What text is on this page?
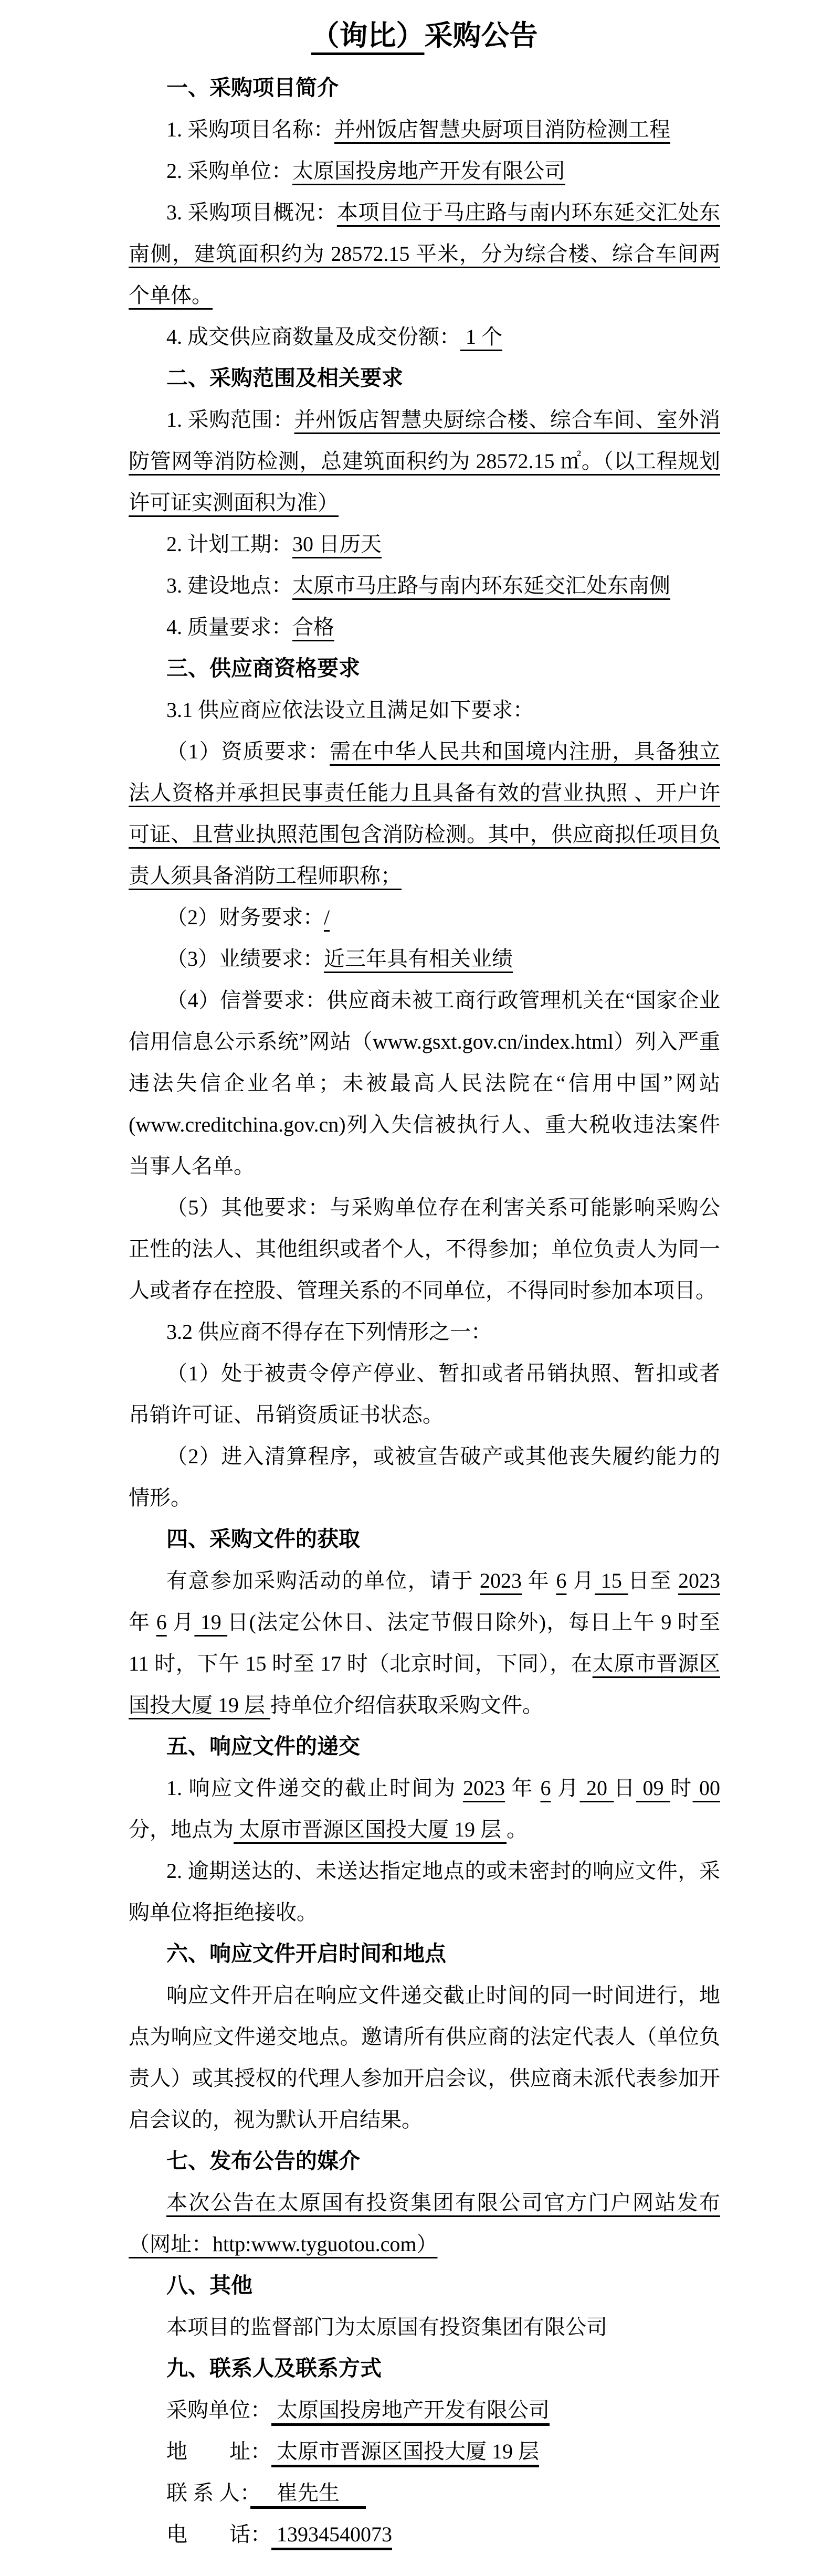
（询比）采购公告
一、采购项目简介
1. 采购项目名称：并州饭店智慧央厨项目消防检测工程
2. 采购单位：太原国投房地产开发有限公司
3. 采购项目概况：本项目位于马庄路与南内环东延交汇处东南侧，建筑面积约为 28572.15 平米，分为综合楼、综合车间两个单体。
4. 成交供应商数量及成交份额： 1 个
二、采购范围及相关要求
1. 采购范围：并州饭店智慧央厨综合楼、综合车间、室外消防管网等消防检测，总建筑面积约为 28572.15 ㎡。（以工程规划许可证实测面积为准）
2. 计划工期：30 日历天
3. 建设地点：太原市马庄路与南内环东延交汇处东南侧
4. 质量要求：合格
三、供应商资格要求
3.1 供应商应依法设立且满足如下要求：
（1）资质要求：需在中华人民共和国境内注册，具备独立法人资格并承担民事责任能力且具备有效的营业执照 、开户许可证、且营业执照范围包含消防检测。其中，供应商拟任项目负责人须具备消防工程师职称；
（2）财务要求：/
（3）业绩要求：近三年具有相关业绩
（4）信誉要求：供应商未被工商行政管理机关在“国家企业信用信息公示系统”网站（www.gsxt.gov.cn/index.html）列入严重违法失信企业名单；未被最高人民法院在“信用中国”网站(www.creditchina.gov.cn)列入失信被执行人、重大税收违法案件当事人名单。
（5）其他要求：与采购单位存在利害关系可能影响采购公正性的法人、其他组织或者个人，不得参加；单位负责人为同一人或者存在控股、管理关系的不同单位，不得同时参加本项目。
3.2 供应商不得存在下列情形之一：
（1）处于被责令停产停业、暂扣或者吊销执照、暂扣或者吊销许可证、吊销资质证书状态。
（2）进入清算程序，或被宣告破产或其他丧失履约能力的情形。
四、采购文件的获取
有意参加采购活动的单位，请于 2023 年 6 月 15 日至 2023 年 6 月 19 日(法定公休日、法定节假日除外)，每日上午 9 时至 11 时，下午 15 时至 17 时（北京时间，下同），在太原市晋源区国投大厦 19 层 持单位介绍信获取采购文件。
五、响应文件的递交
1. 响应文件递交的截止时间为 2023 年 6 月 20 日 09 时 00 分，地点为 太原市晋源区国投大厦 19 层 。
2. 逾期送达的、未送达指定地点的或未密封的响应文件，采购单位将拒绝接收。
六、响应文件开启时间和地点
响应文件开启在响应文件递交截止时间的同一时间进行，地点为响应文件递交地点。邀请所有供应商的法定代表人（单位负责人）或其授权的代理人参加开启会议，供应商未派代表参加开启会议的，视为默认开启结果。
七、发布公告的媒介
本次公告在太原国有投资集团有限公司官方门户网站发布（网址：http:www.tyguotou.com）
八、其他
本项目的监督部门为太原国有投资集团有限公司
九、联系人及联系方式
采购单位： 太原国投房地产开发有限公司
地　　址： 太原市晋源区国投大厦 19 层
联 系 人：　 崔先生 　
电　　话： 13934540073
